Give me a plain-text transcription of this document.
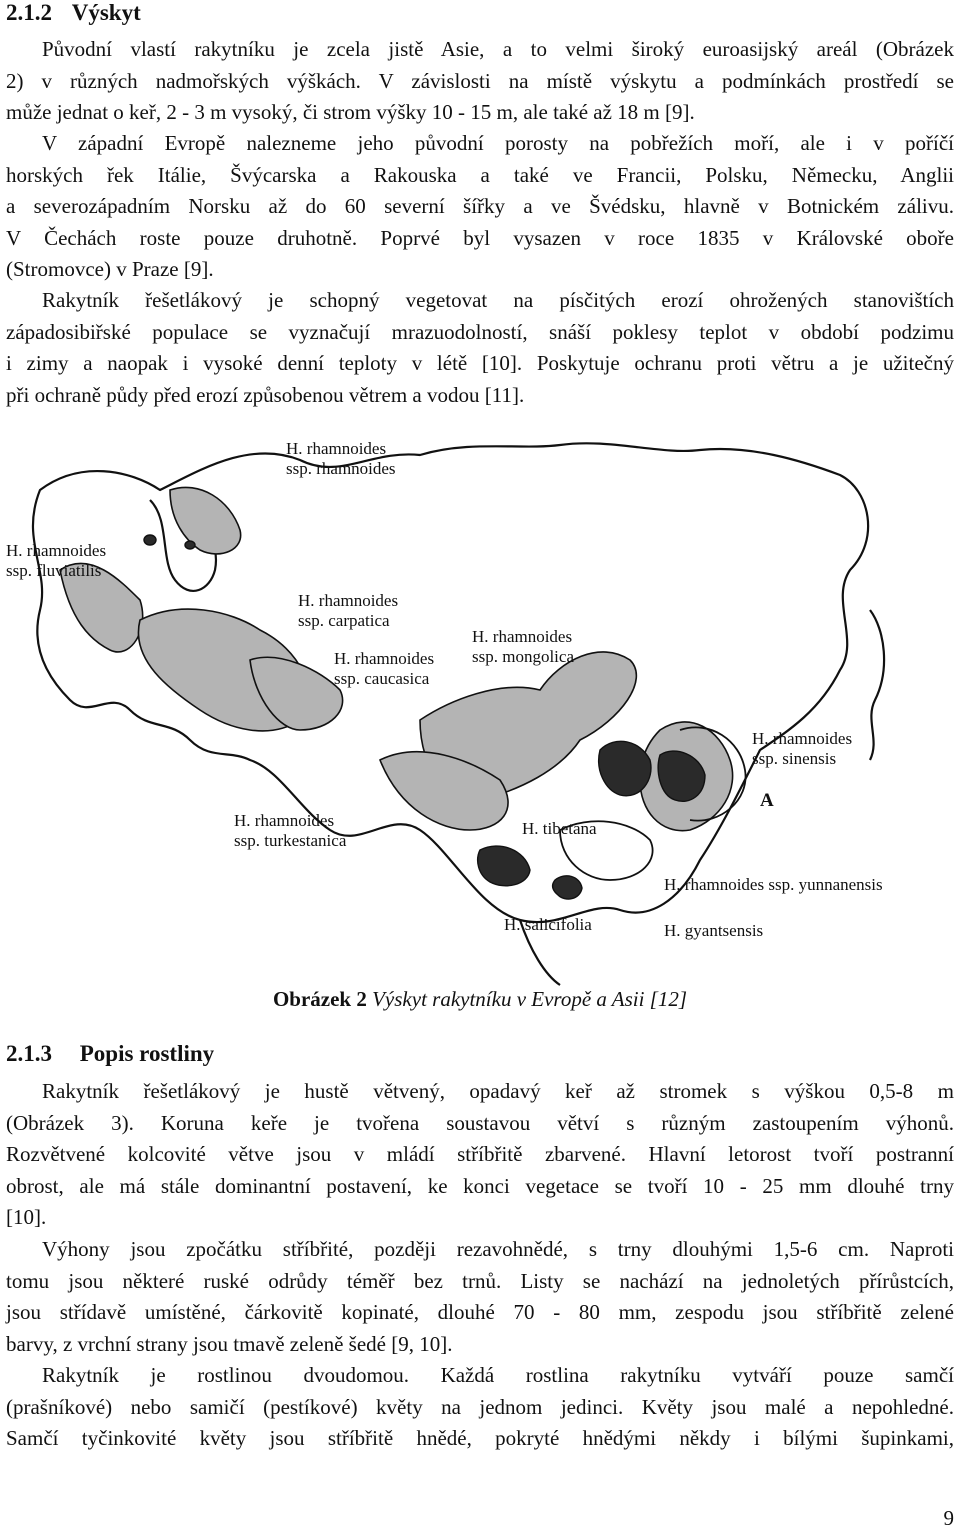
2.1.2 Výskyt

Původní vlastí rakytníku je zcela jistě Asie, a to velmi široký euroasijský areál (Obrázek
2) v různých nadmořských výškách. V závislosti na místě výskytu a podmínkách prostředí se
může jednat o keř, 2 - 3 m vysoký, či strom výšky 10 - 15 m, ale také až 18 m [9].

V západní Evropě nalezneme jeho původní porosty na pobřežích moří, ale i v poříčí
horských řek Itálie, Švýcarska a Rakouska a také ve Francii, Polsku, Německu, Anglii
a severozápadním Norsku až do 60 severní šířky a ve Švédsku, hlavně v Botnickém zálivu.
V Čechách roste pouze druhotně. Poprvé byl vysazen v roce 1835 v Královské oboře
(Stromovce) v Praze [9].

Rakytník řešetlákový je schopný vegetovat na písčitých erozí ohrožených stanovištích
západosibiřské populace se vyznačují mrazuodolností, snáší poklesy teplot v období podzimu
i zimy a naopak i vysoké denní teploty v létě [10]. Poskytuje ochranu proti větru a je užitečný
při ochraně půdy před erozí způsobenou větrem a vodou [11].

H. rhamnoides
ssp. rhamnoides
H. rhamnoides
ssp. fluviatilis
H. rhamnoides
ssp. carpatica
H. rhamnoides
ssp. mongolica
H. rhamnoides
ssp. caucasica
H. rhamnoides
ssp. sinensis
A
H. rhamnoides
ssp. turkestanica
H. tibetana
H. rhamnoides ssp. yunnanensis
H. salicifolia	H. gyantsensis

Obrázek 2 Výskyt rakytníku v Evropě a Asii [12]

2.1.3 Popis rostliny

Rakytník řešetlákový je hustě větvený, opadavý keř až stromek s výškou 0,5-8 m
(Obrázek 3). Koruna keře je tvořena soustavou větví s různým zastoupením výhonů.
Rozvětvené kolcovité větve jsou v mládí stříbřitě zbarvené. Hlavní letorost tvoří postranní
obrost, ale má stále dominantní postavení, ke konci vegetace se tvoří 10 - 25 mm dlouhé trny
[10].

Výhony jsou zpočátku stříbřité, později rezavohnědé, s trny dlouhými 1,5-6 cm. Naproti
tomu jsou některé ruské odrůdy téměř bez trnů. Listy se nachází na jednoletých přírůstcích,
jsou střídavě umístěné, čárkovitě kopinaté, dlouhé 70 - 80 mm, zespodu jsou stříbřitě zelené
barvy, z vrchní strany jsou tmavě zeleně šedé [9, 10].

Rakytník je rostlinou dvoudomou. Každá rostlina rakytníku vytváří pouze samčí
(prašníkové) nebo samičí (pestíkové) květy na jednom jedinci. Květy jsou malé a nepohledné.
Samčí tyčinkovité květy jsou stříbřitě hnědé, pokryté hnědými někdy i bílými šupinkami,

9
